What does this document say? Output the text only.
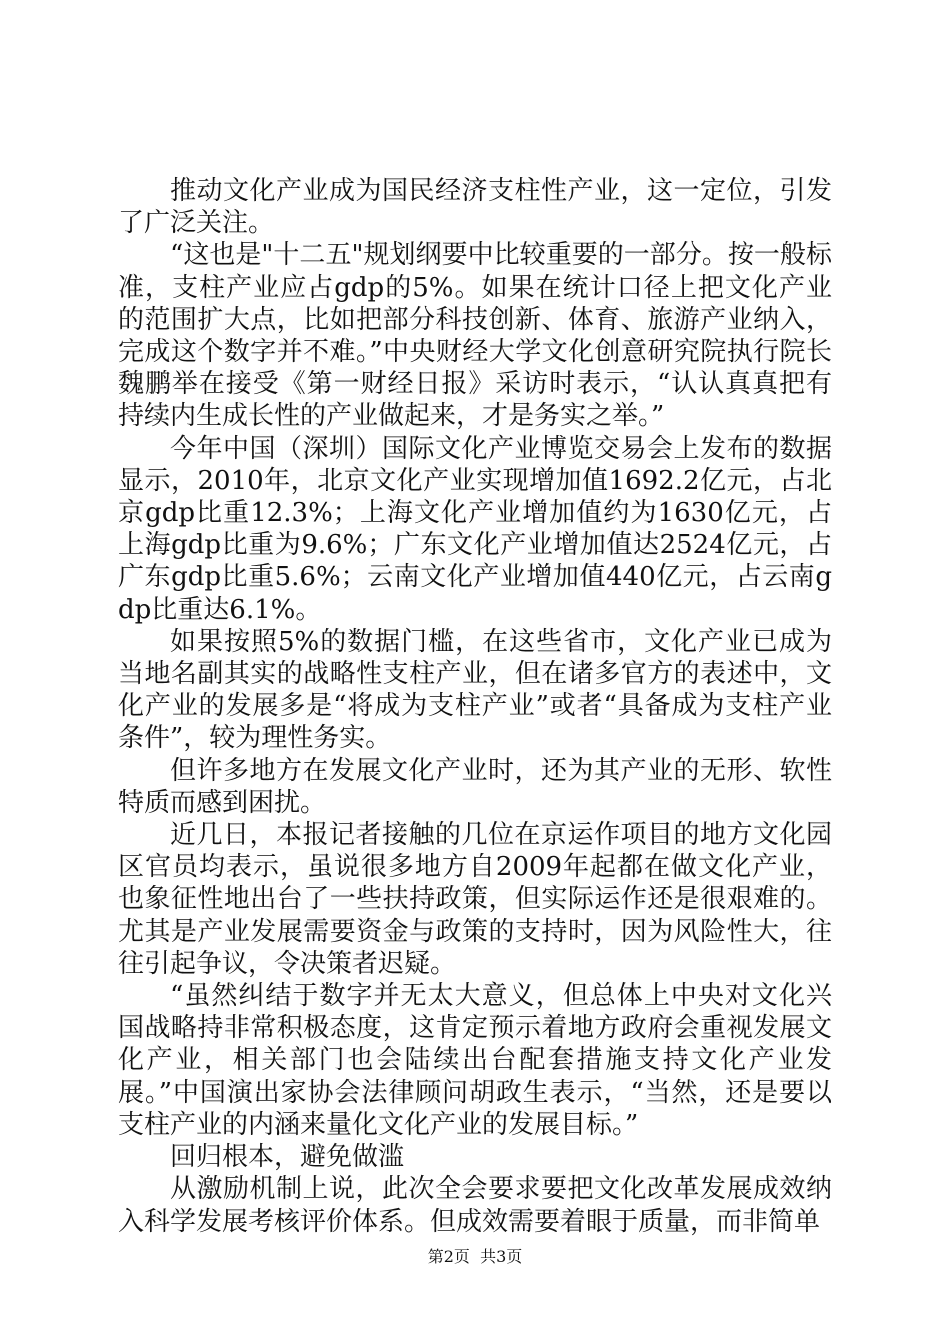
推动文化产业成为国民经济支柱性产业，这一定位，引发了广泛关注。

“这也是"十二五"规划纲要中比较重要的一部分。按一般标准，支柱产业应占gdp的5%。如果在统计口径上把文化产业的范围扩大点，比如把部分科技创新、体育、旅游产业纳入，完成这个数字并不难。”中央财经大学文化创意研究院执行院长魏鹏举在接受《第一财经日报》采访时表示，“认认真真把有持续内生成长性的产业做起来，才是务实之举。”

今年中国（深圳）国际文化产业博览交易会上发布的数据显示，2010年，北京文化产业实现增加值1692.2亿元，占北京gdp比重12.3%；上海文化产业增加值约为1630亿元，占上海gdp比重为9.6%；广东文化产业增加值达2524亿元，占广东gdp比重5.6%；云南文化产业增加值440亿元，占云南gdp比重达6.1%。

如果按照5%的数据门槛，在这些省市，文化产业已成为当地名副其实的战略性支柱产业，但在诸多官方的表述中，文化产业的发展多是“将成为支柱产业”或者“具备成为支柱产业条件”，较为理性务实。

但许多地方在发展文化产业时，还为其产业的无形、软性特质而感到困扰。

近几日，本报记者接触的几位在京运作项目的地方文化园区官员均表示，虽说很多地方自2009年起都在做文化产业，也象征性地出台了一些扶持政策，但实际运作还是很艰难的。尤其是产业发展需要资金与政策的支持时，因为风险性大，往往引起争议，令决策者迟疑。

“虽然纠结于数字并无太大意义，但总体上中央对文化兴国战略持非常积极态度，这肯定预示着地方政府会重视发展文化产业，相关部门也会陆续出台配套措施支持文化产业发展。”中国演出家协会法律顾问胡政生表示，“当然，还是要以支柱产业的内涵来量化文化产业的发展目标。”

回归根本，避免做滥

从激励机制上说，此次全会要求要把文化改革发展成效纳入科学发展考核评价体系。但成效需要着眼于质量，而非简单

第2页  共3页
